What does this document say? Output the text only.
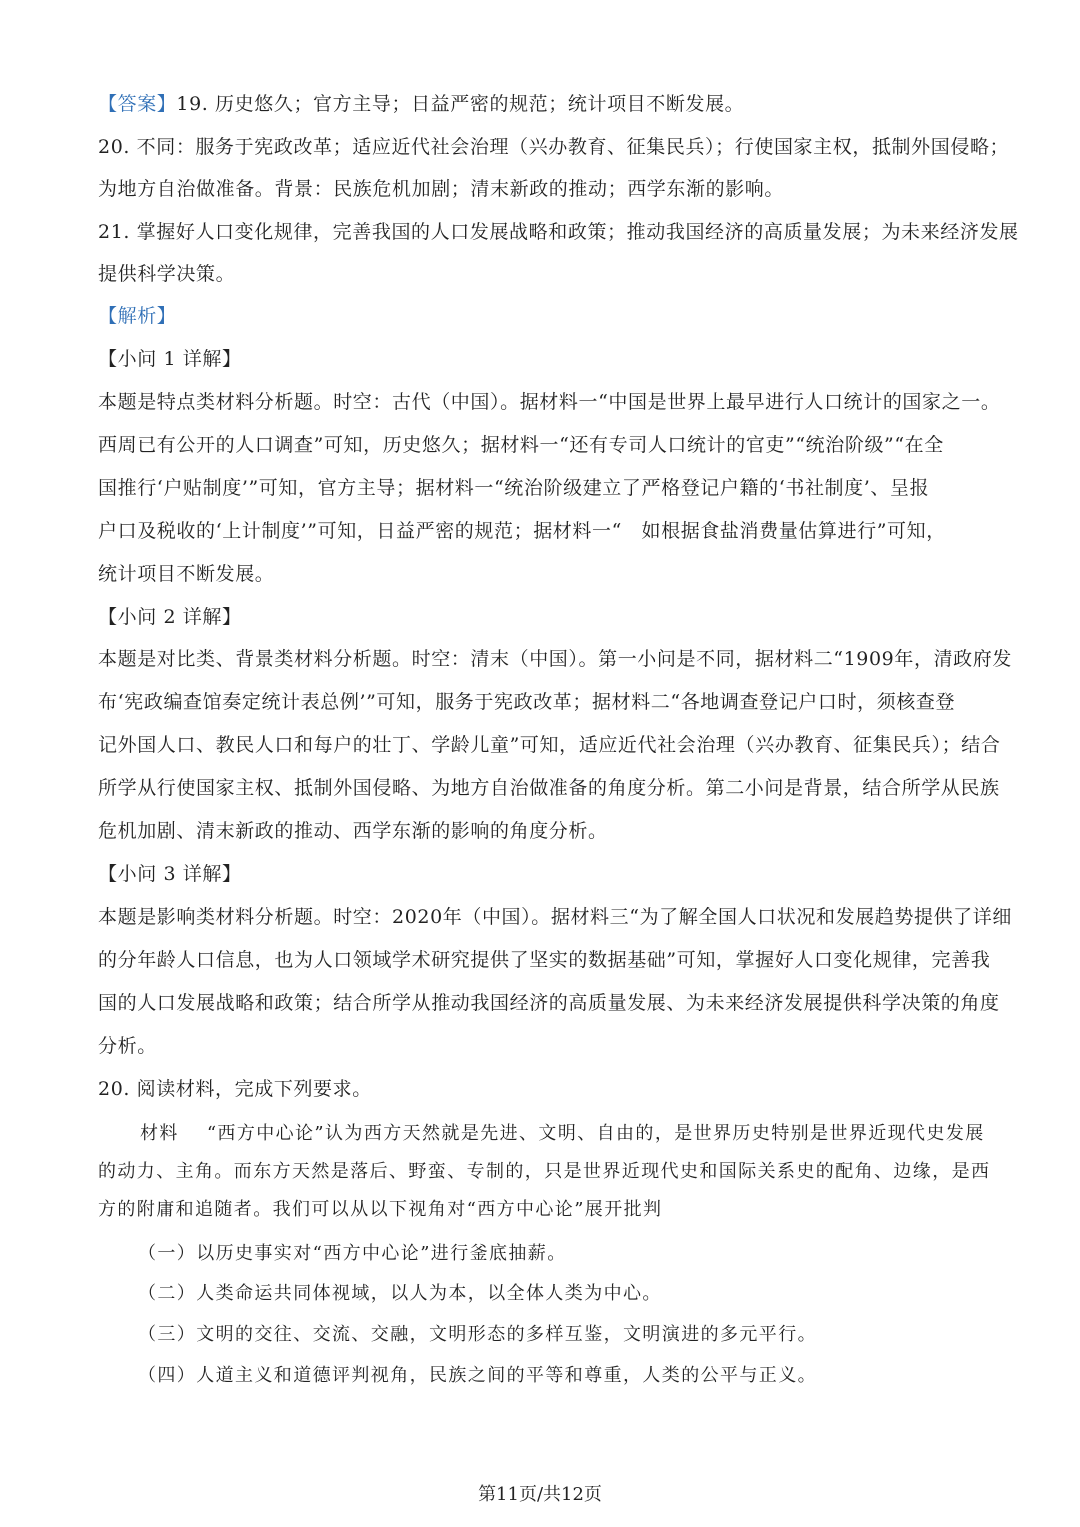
【答案】19. 历史悠久；官方主导；日益严密的规范；统计项目不断发展。
20. 不同：服务于宪政改革；适应近代社会治理（兴办教育、征集民兵）；行使国家主权，抵制外国侵略；
为地方自治做准备。背景：民族危机加剧；清末新政的推动；西学东渐的影响。
21. 掌握好人口变化规律，完善我国的人口发展战略和政策；推动我国经济的高质量发展；为未来经济发展
提供科学决策。
【解析】
【小问 1 详解】
本题是特点类材料分析题。时空：古代（中国）。据材料一“中国是世界上最早进行人口统计的国家之一。
西周已有公开的人口调查”可知，历史悠久；据材料一“还有专司人口统计的官吏”“统治阶级”“在全
国推行‘户贴制度’”可知，官方主导；据材料一“统治阶级建立了严格登记户籍的‘书社制度’、呈报
户口及税收的‘上计制度’”可知，日益严密的规范；据材料一“　如根据食盐消费量估算进行”可知，
统计项目不断发展。
【小问 2 详解】
本题是对比类、背景类材料分析题。时空：清末（中国）。第一小问是不同，据材料二“1909年，清政府发
布‘宪政编查馆奏定统计表总例’”可知，服务于宪政改革；据材料二“各地调查登记户口时，须核查登
记外国人口、教民人口和每户的壮丁、学龄儿童”可知，适应近代社会治理（兴办教育、征集民兵）；结合
所学从行使国家主权、抵制外国侵略、为地方自治做准备的角度分析。第二小问是背景，结合所学从民族
危机加剧、清末新政的推动、西学东渐的影响的角度分析。
【小问 3 详解】
本题是影响类材料分析题。时空：2020年（中国）。据材料三“为了解全国人口状况和发展趋势提供了详细
的分年龄人口信息，也为人口领域学术研究提供了坚实的数据基础”可知，掌握好人口变化规律，完善我
国的人口发展战略和政策；结合所学从推动我国经济的高质量发展、为未来经济发展提供科学决策的角度
分析。
20. 阅读材料，完成下列要求。
材料 “西方中心论”认为西方天然就是先进、文明、自由的，是世界历史特别是世界近现代史发展
的动力、主角。而东方天然是落后、野蛮、专制的，只是世界近现代史和国际关系史的配角、边缘，是西
方的附庸和追随者。我们可以从以下视角对“西方中心论”展开批判
（一）以历史事实对“西方中心论”进行釜底抽薪。
（二）人类命运共同体视域，以人为本，以全体人类为中心。
（三）文明的交往、交流、交融，文明形态的多样互鉴，文明演进的多元平行。
（四）人道主义和道德评判视角，民族之间的平等和尊重，人类的公平与正义。
第11页/共12页
